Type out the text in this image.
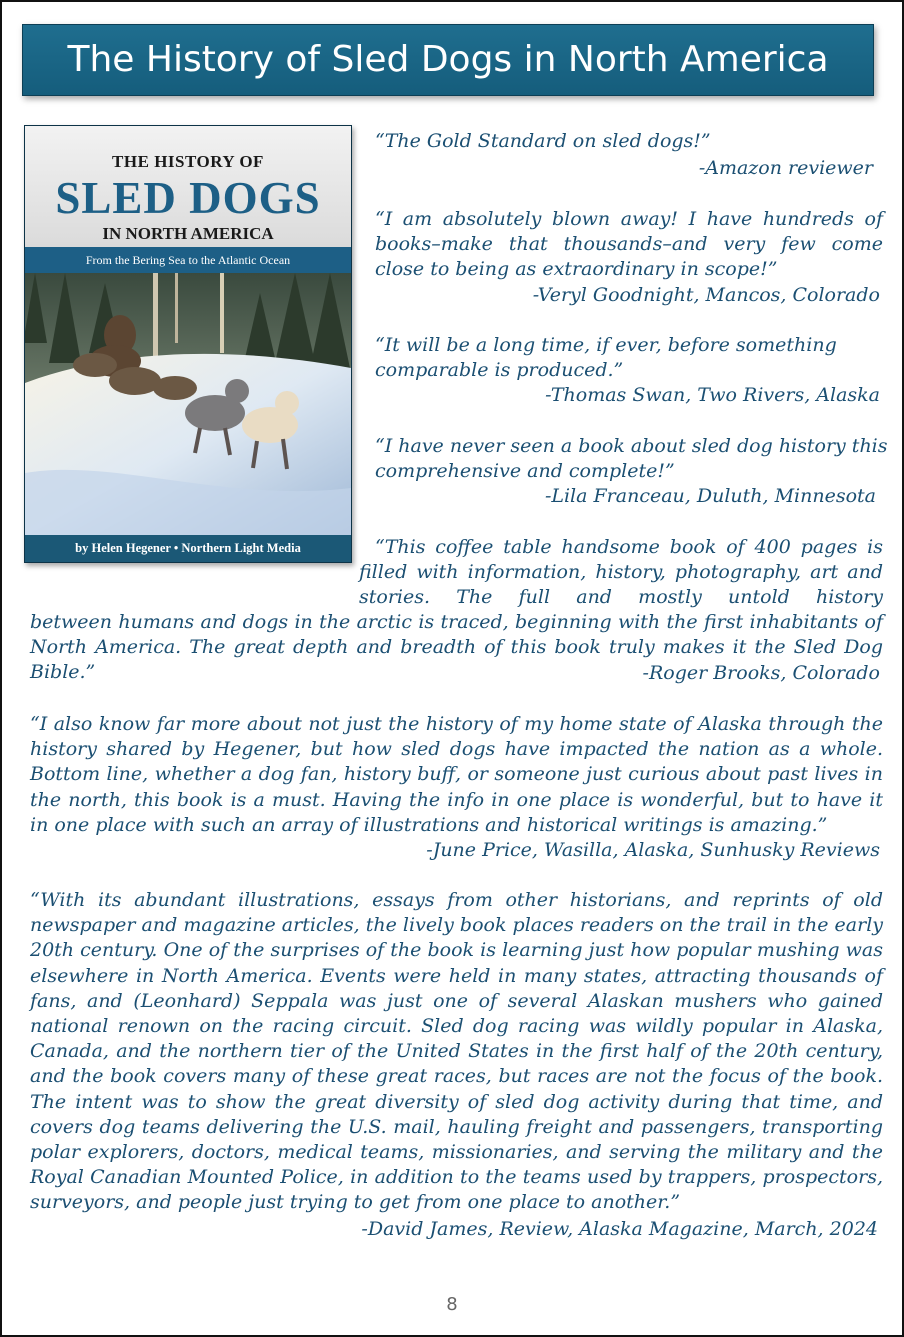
The History of Sled Dogs in North America
THE HISTORY OF
SLED DOGS
IN NORTH AMERICA
From the Bering Sea to the Atlantic Ocean
by Helen Hegener • Northern Light Media

“The Gold Standard on sled dogs!”

-Amazon reviewer

“I am absolutely blown away! I have hundreds of books–make that thousands–and very few come close to being as extraordinary in scope!”

-Veryl Goodnight, Mancos, Colorado

“It will be a long time, if ever, before something comparable is produced.”

-Thomas Swan, Two Rivers, Alaska

“I have never seen a book about sled dog history this comprehensive and complete!”

-Lila Franceau, Duluth, Minnesota

“This coffee table handsome book of 400 pages is filled with information, history, photography, art and stories. The full and mostly untold history

between humans and dogs in the arctic is traced, beginning with the first inhabitants of North America. The great depth and breadth of this book truly makes it the Sled Dog Bible.”	-Roger Brooks, Colorado

“I also know far more about not just the history of my home state of Alaska through the history shared by Hegener, but how sled dogs have impacted the nation as a whole. Bottom line, whether a dog fan, history buff, or someone just curious about past lives in the north, this book is a must. Having the info in one place is wonderful, but to have it in one place with such an array of illustrations and historical writings is amazing.”

-June Price, Wasilla, Alaska, Sunhusky Reviews

“With its abundant illustrations, essays from other historians, and reprints of old newspaper and magazine articles, the lively book places readers on the trail in the early 20th century. One of the surprises of the book is learning just how popular mushing was elsewhere in North America. Events were held in many states, attracting thousands of fans, and (Leonhard) Seppala was just one of several Alaskan mushers who gained national renown on the racing circuit. Sled dog racing was wildly popular in Alaska, Canada, and the northern tier of the United States in the first half of the 20th century, and the book covers many of these great races, but races are not the focus of the book. The intent was to show the great diversity of sled dog activity during that time, and covers dog teams delivering the U.S. mail, hauling freight and passengers, transporting polar explorers, doctors, medical teams, missionaries, and serving the military and the Royal Canadian Mounted Police, in addition to the teams used by trappers, prospectors, surveyors, and people just trying to get from one place to another.”

-David James, Review, Alaska Magazine, March, 2024
8
